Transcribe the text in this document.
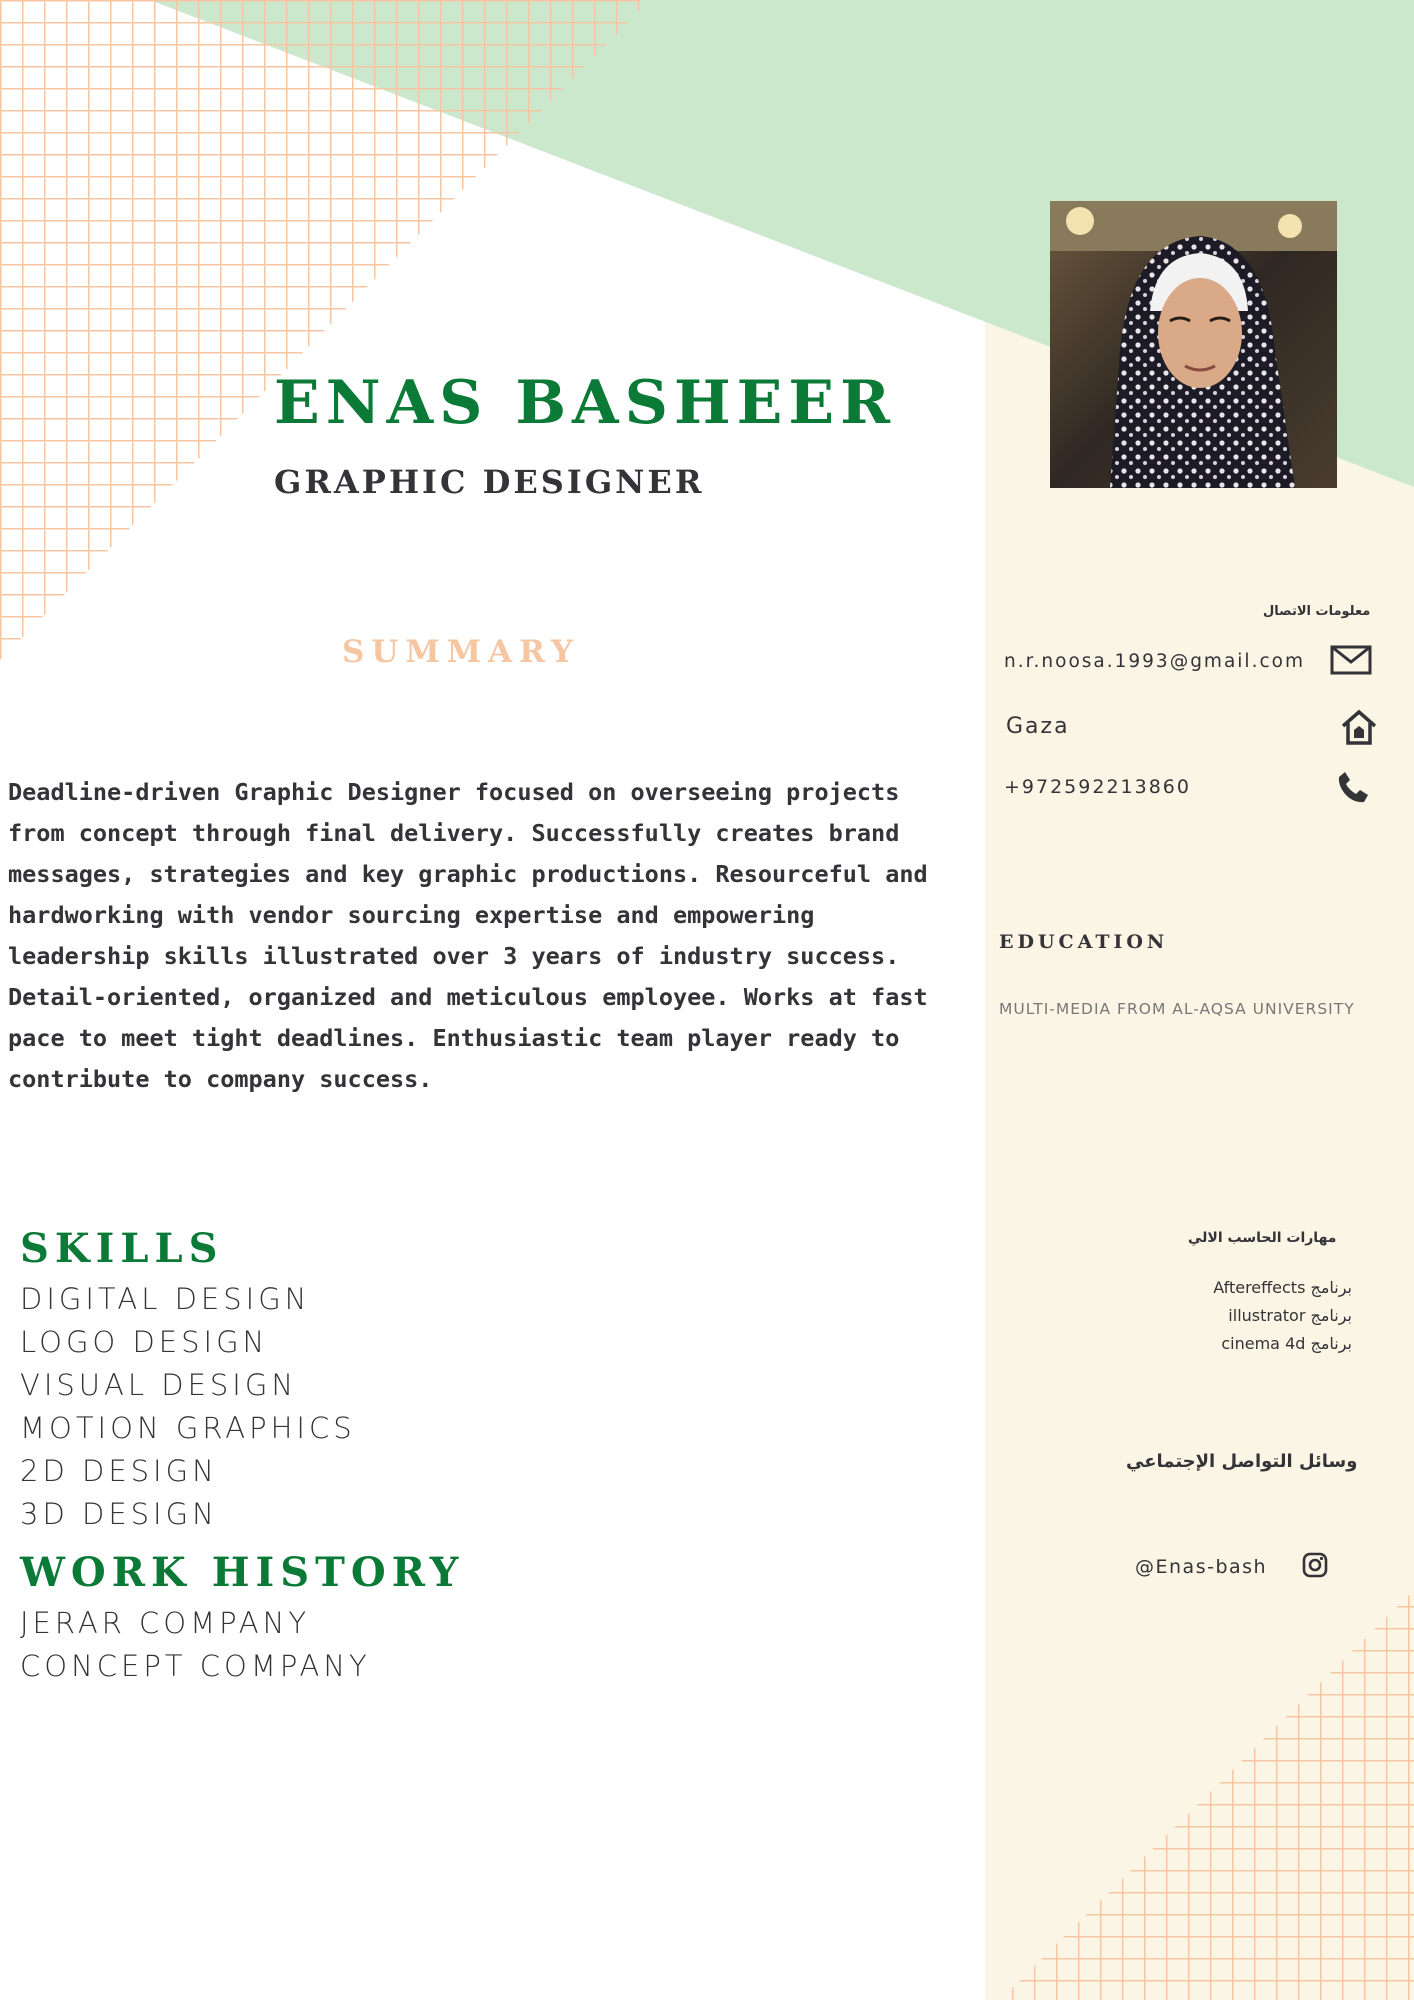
ENAS BASHEER
GRAPHIC DESIGNER
SUMMARY

Deadline-driven Graphic Designer focused on overseeing projects from concept through final delivery. Successfully creates brand messages, strategies and key graphic productions. Resourceful and hardworking with vendor sourcing expertise and empowering leadership skills illustrated over 3 years of industry success. Detail-oriented, organized and meticulous employee. Works at fast pace to meet tight deadlines. Enthusiastic team player ready to contribute to company success.

SKILLS
DIGITAL DESIGN
LOGO DESIGN
VISUAL DESIGN
MOTION GRAPHICS
2D DESIGN
3D DESIGN
WORK HISTORY
JERAR COMPANY
CONCEPT COMPANY
معلومات الاتصال
n.r.noosa.1993@gmail.com
Gaza
+972592213860
EDUCATION
MULTI-MEDIA FROM AL-AQSA UNIVERSITY
مهارات الحاسب الالي
برنامج Aftereffects
برنامج illustrator
برنامج cinema 4d
وسائل التواصل الإجتماعي
@Enas-bash
